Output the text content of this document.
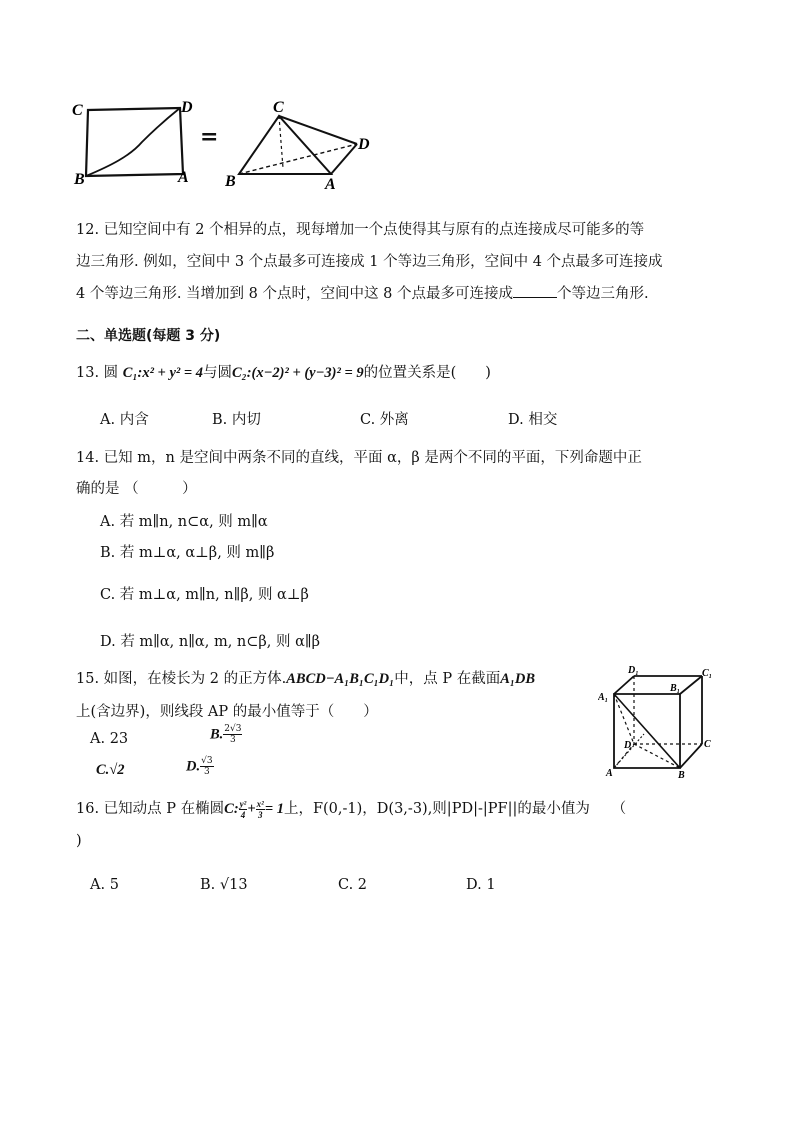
C	D
B	A
=
C
D
B	A
12. 已知空间中有 2 个相异的点，现每增加一个点使得其与原有的点连接成尽可能多的等
边三角形. 例如，空间中 3 个点最多可连接成 1 个等边三角形，空间中 4 个点最多可连接成
4 个等边三角形. 当增加到 8 个点时，空间中这 8 个点最多可连接成	个等边三角形.
二、单选题(每题 3 分)
13. 圆 C₁:x² + y² = 4与圆C₂:(x−2)² + (y−3)² = 9的位置关系是(　　)
A. 内含	B. 内切	C. 外离	D. 相交
14. 已知 m，n 是空间中两条不同的直线，平面 α，β 是两个不同的平面，下列命题中正
确的是 （　　　）
A. 若 m∥n, n⊂α, 则 m∥α
B. 若 m⊥α, α⊥β, 则 m∥β
C. 若 m⊥α, m∥n, n∥β, 则 α⊥β
D. 若 m∥α, n∥α, m, n⊂β, 则 α∥β
15. 如图，在棱长为 2 的正方体.ABCD−A₁B₁C₁D₁中，点 P 在截面A₁DB
上(含边界)，则线段 AP 的最小值等于（　　）
A. 23	B. $\frac{2√3}{3}$
C.√2	D. $\frac{√3}{3}$
D₁	C₁
A₁
B₁
D	C
A	B
16. 已知动点 P 在椭圆C: $\frac{\text{y²}}{4} + \frac{\text{x²}}{3} = 1$上，F(0,-1)，D(3,-3),则|PD|-|PF||的最小值为　　（
)
A. 5	B. √13	C. 2	D. 1
